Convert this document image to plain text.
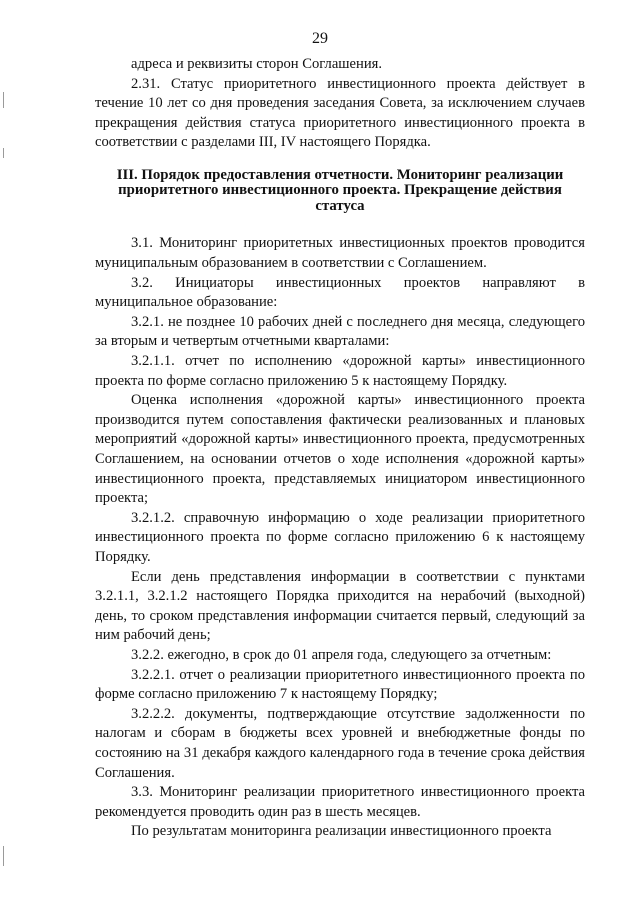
29

адреса и реквизиты сторон Соглашения.

2.31. Статус приоритетного инвестиционного проекта действует в течение 10 лет со дня проведения заседания Совета, за исключением случаев прекращения действия статуса приоритетного инвестиционного проекта в соответствии с разделами III, IV настоящего Порядка.

III. Порядок предоставления отчетности. Мониторинг реализации приоритетного инвестиционного проекта. Прекращение действия статуса

3.1. Мониторинг приоритетных инвестиционных проектов проводится муниципальным образованием в соответствии с Соглашением.

3.2. Инициаторы инвестиционных проектов направляют в муниципальное образование:

3.2.1. не позднее 10 рабочих дней с последнего дня месяца, следующего за вторым и четвертым отчетными кварталами:

3.2.1.1. отчет по исполнению «дорожной карты» инвестиционного проекта по форме согласно приложению 5 к настоящему Порядку.

Оценка исполнения «дорожной карты» инвестиционного проекта производится путем сопоставления фактически реализованных и плановых мероприятий «дорожной карты» инвестиционного проекта, предусмотренных Соглашением, на основании отчетов о ходе исполнения «дорожной карты» инвестиционного проекта, представляемых инициатором инвестиционного проекта;

3.2.1.2. справочную информацию о ходе реализации приоритетного инвестиционного проекта по форме согласно приложению 6 к настоящему Порядку.

Если день представления информации в соответствии с пунктами 3.2.1.1, 3.2.1.2 настоящего Порядка приходится на нерабочий (выходной) день, то сроком представления информации считается первый, следующий за ним рабочий день;

3.2.2. ежегодно, в срок до 01 апреля года, следующего за отчетным:

3.2.2.1. отчет о реализации приоритетного инвестиционного проекта по форме согласно приложению 7 к настоящему Порядку;

3.2.2.2. документы, подтверждающие отсутствие задолженности по налогам и сборам в бюджеты всех уровней и внебюджетные фонды по состоянию на 31 декабря каждого календарного года в течение срока действия Соглашения.

3.3. Мониторинг реализации приоритетного инвестиционного проекта рекомендуется проводить один раз в шесть месяцев.

По результатам мониторинга реализации инвестиционного проекта
